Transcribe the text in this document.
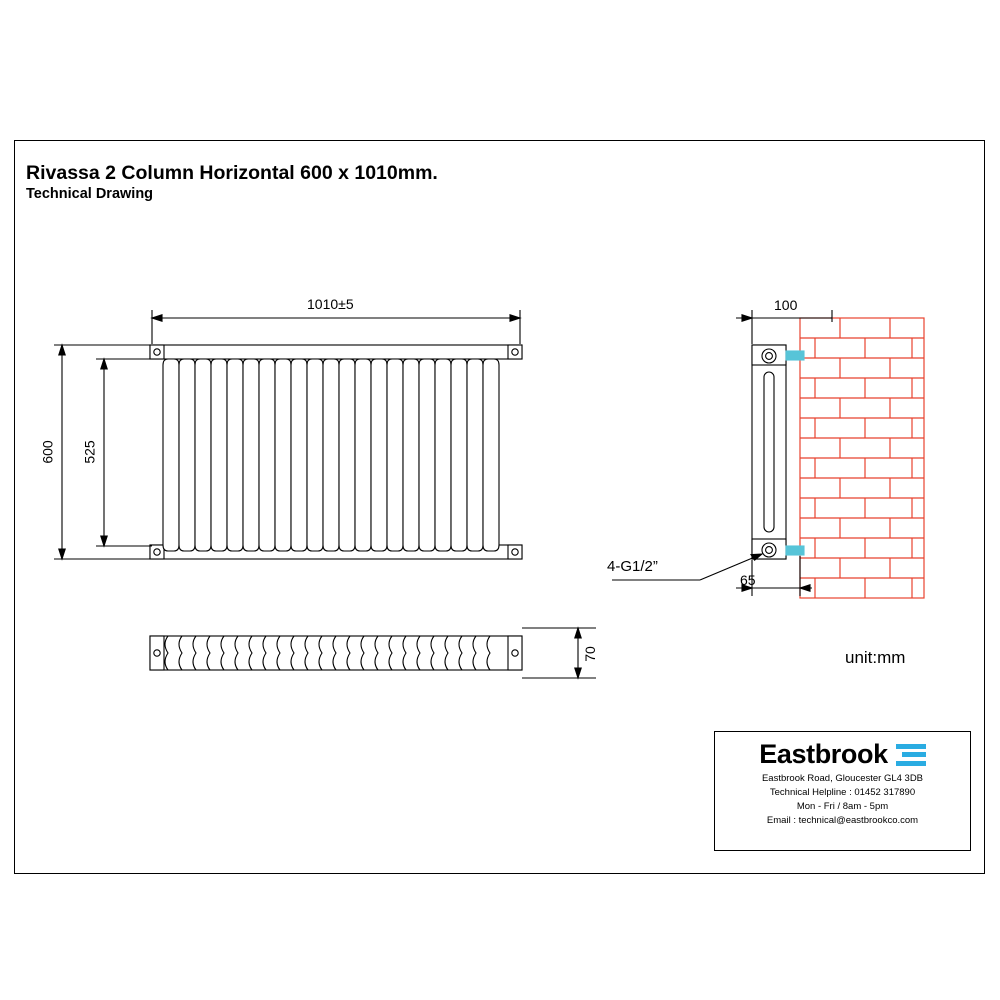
Rivassa 2 Column Horizontal 600 x 1010mm.
Technical Drawing
1010±5
600 525
100
65
70
4-G1/2”
unit:mm
Eastbrook
Eastbrook Road, Gloucester GL4 3DB
Technical Helpline : 01452 317890
Mon - Fri / 8am - 5pm
Email : technical@eastbrookco.com
